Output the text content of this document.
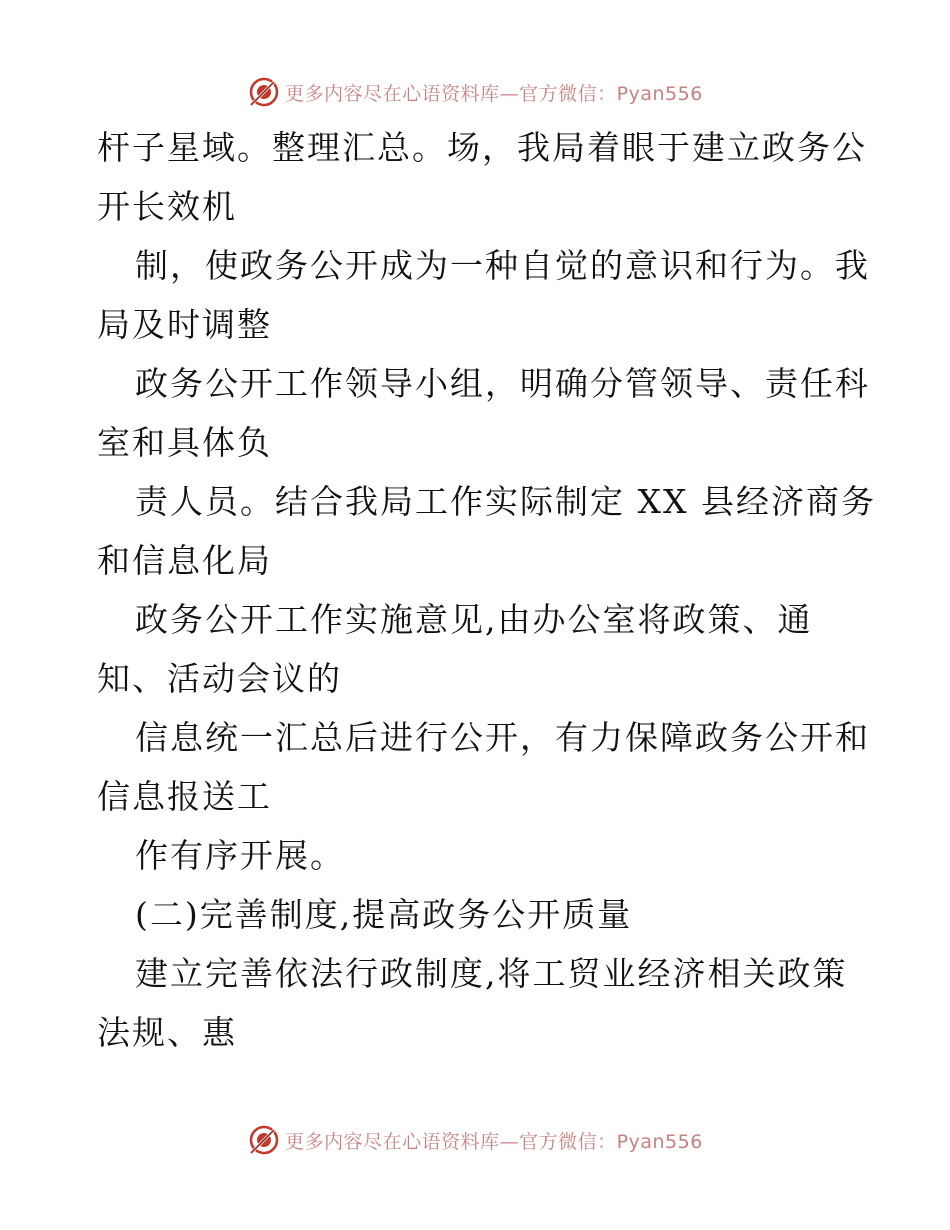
更多内容尽在心语资料库—官方微信：Pyan556
杆子星域。整理汇总。场，我局着眼于建立政务公
开长效机
制，使政务公开成为一种自觉的意识和行为。我
局及时调整
政务公开工作领导小组，明确分管领导、责任科
室和具体负
责人员。结合我局工作实际制定 XX 县经济商务
和信息化局
政务公开工作实施意见,由办公室将政策、通
知、活动会议的
信息统一汇总后进行公开，有力保障政务公开和
信息报送工
作有序开展。
(二)完善制度,提高政务公开质量
建立完善依法行政制度,将工贸业经济相关政策
法规、惠
更多内容尽在心语资料库—官方微信：Pyan556
